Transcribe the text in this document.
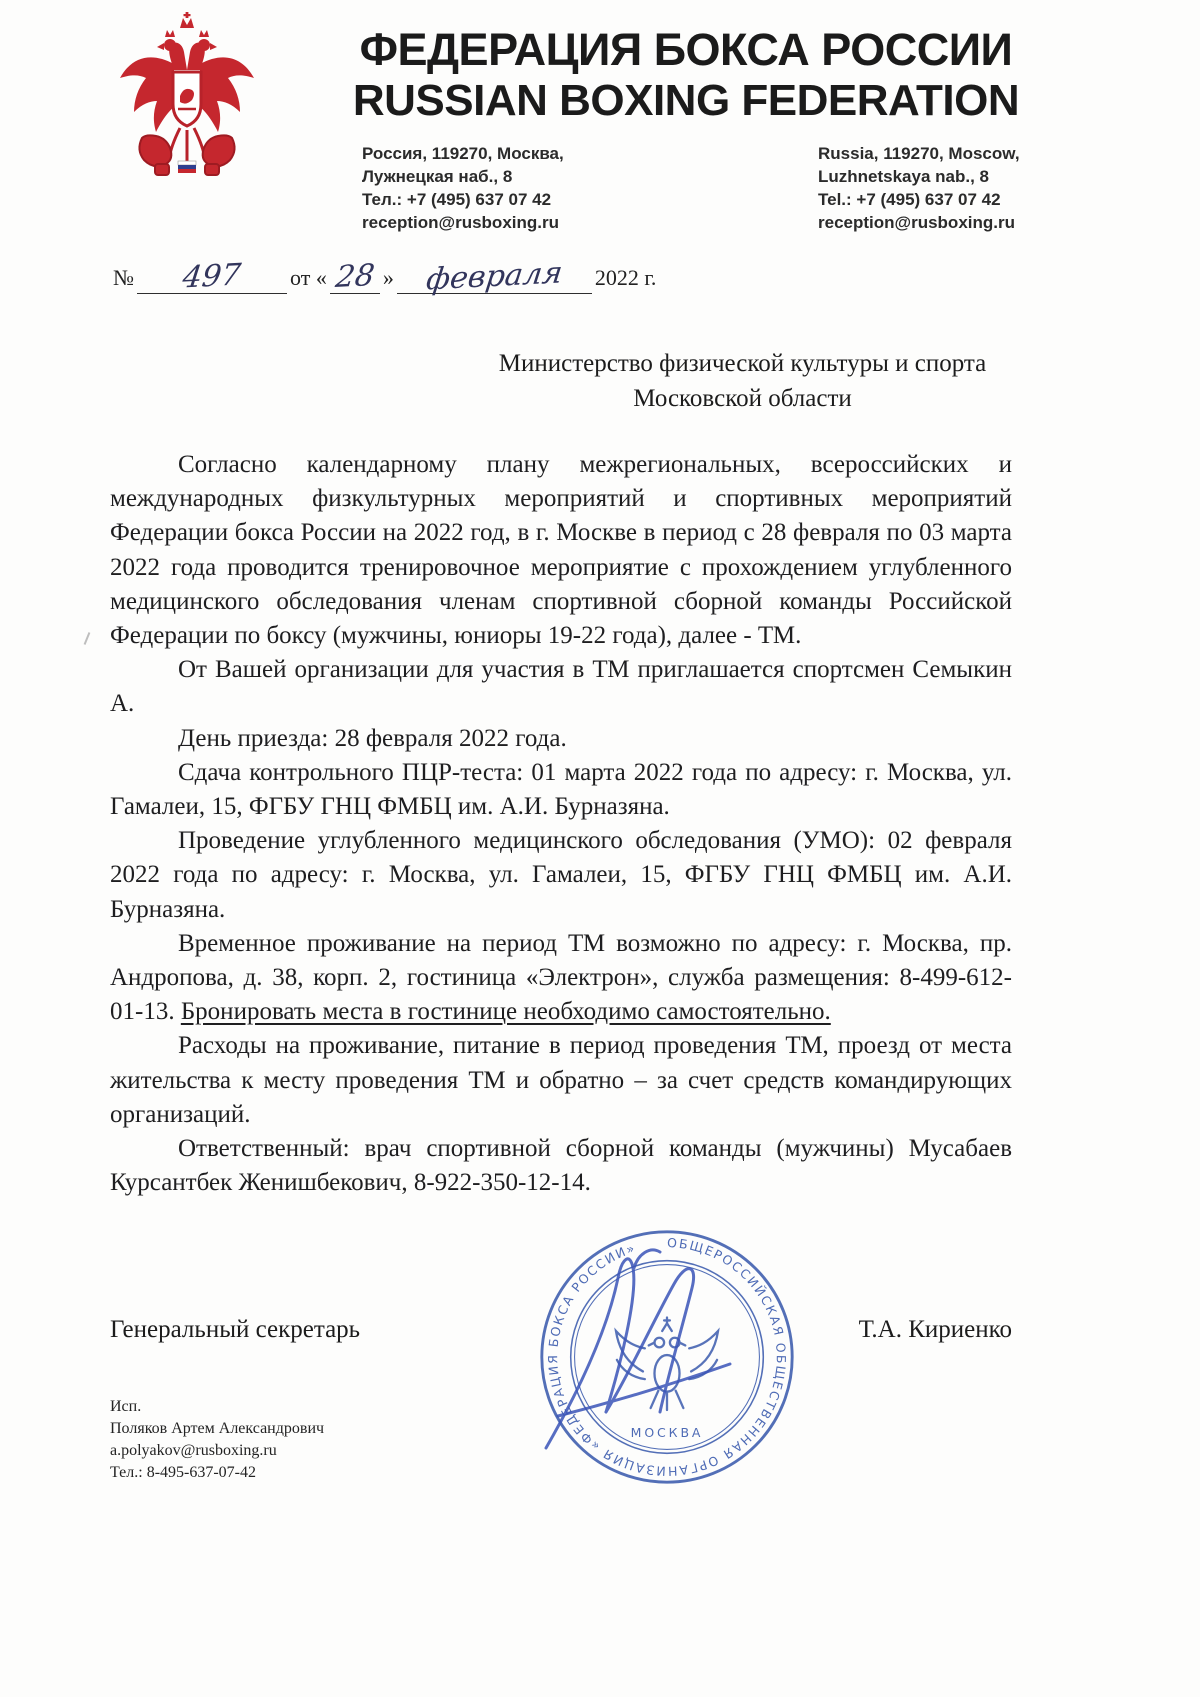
ФЕДЕРАЦИЯ БОКСА РОССИИ
RUSSIAN BOXING FEDERATION
Россия, 119270, Москва,
Лужнецкая наб., 8
Тел.: +7 (495) 637 07 42
reception@rusboxing.ru
Russia, 119270, Moscow,
Luzhnetskaya nab., 8
Tel.: +7 (495) 637 07 42
reception@rusboxing.ru
№ 497 от « 28 » февраля 2022 г.
Министерство физической культуры и спорта
Московской области

Согласно календарному плану межрегиональных, всероссийских и международных физкультурных мероприятий и спортивных мероприятий Федерации бокса России на 2022 год, в г. Москве в период с 28 февраля по 03 марта 2022 года проводится тренировочное мероприятие с прохождением углубленного медицинского обследования членам спортивной сборной команды Российской Федерации по боксу (мужчины, юниоры 19-22 года), далее - ТМ.

От Вашей организации для участия в ТМ приглашается спортсмен Семыкин А.

День приезда: 28 февраля 2022 года.

Сдача контрольного ПЦР-теста: 01 марта 2022 года по адресу: г. Москва, ул. Гамалеи, 15, ФГБУ ГНЦ ФМБЦ им. А.И. Бурназяна.

Проведение углубленного медицинского обследования (УМО): 02 февраля 2022 года по адресу: г. Москва, ул. Гамалеи, 15, ФГБУ ГНЦ ФМБЦ им. А.И. Бурназяна.

Временное проживание на период ТМ возможно по адресу: г. Москва, пр. Андропова, д. 38, корп. 2, гостиница «Электрон», служба размещения: 8-499-612-01-13. Бронировать места в гостинице необходимо самостоятельно.

Расходы на проживание, питание в период проведения ТМ, проезд от места жительства к месту проведения ТМ и обратно – за счет средств командирующих организаций.

Ответственный: врач спортивной сборной команды (мужчины) Мусабаев Курсантбек Женишбекович, 8-922-350-12-14.

Генеральный секретарь	Т.А. Кириенко
ОБЩЕРОССИЙСКАЯ ОБЩЕСТВЕННАЯ ОРГАНИЗАЦИЯ «ФЕДЕРАЦИЯ БОКСА РОССИИ»
МОСКВА
Исп.
Поляков Артем Александрович
a.polyakov@rusboxing.ru
Тел.: 8-495-637-07-42
